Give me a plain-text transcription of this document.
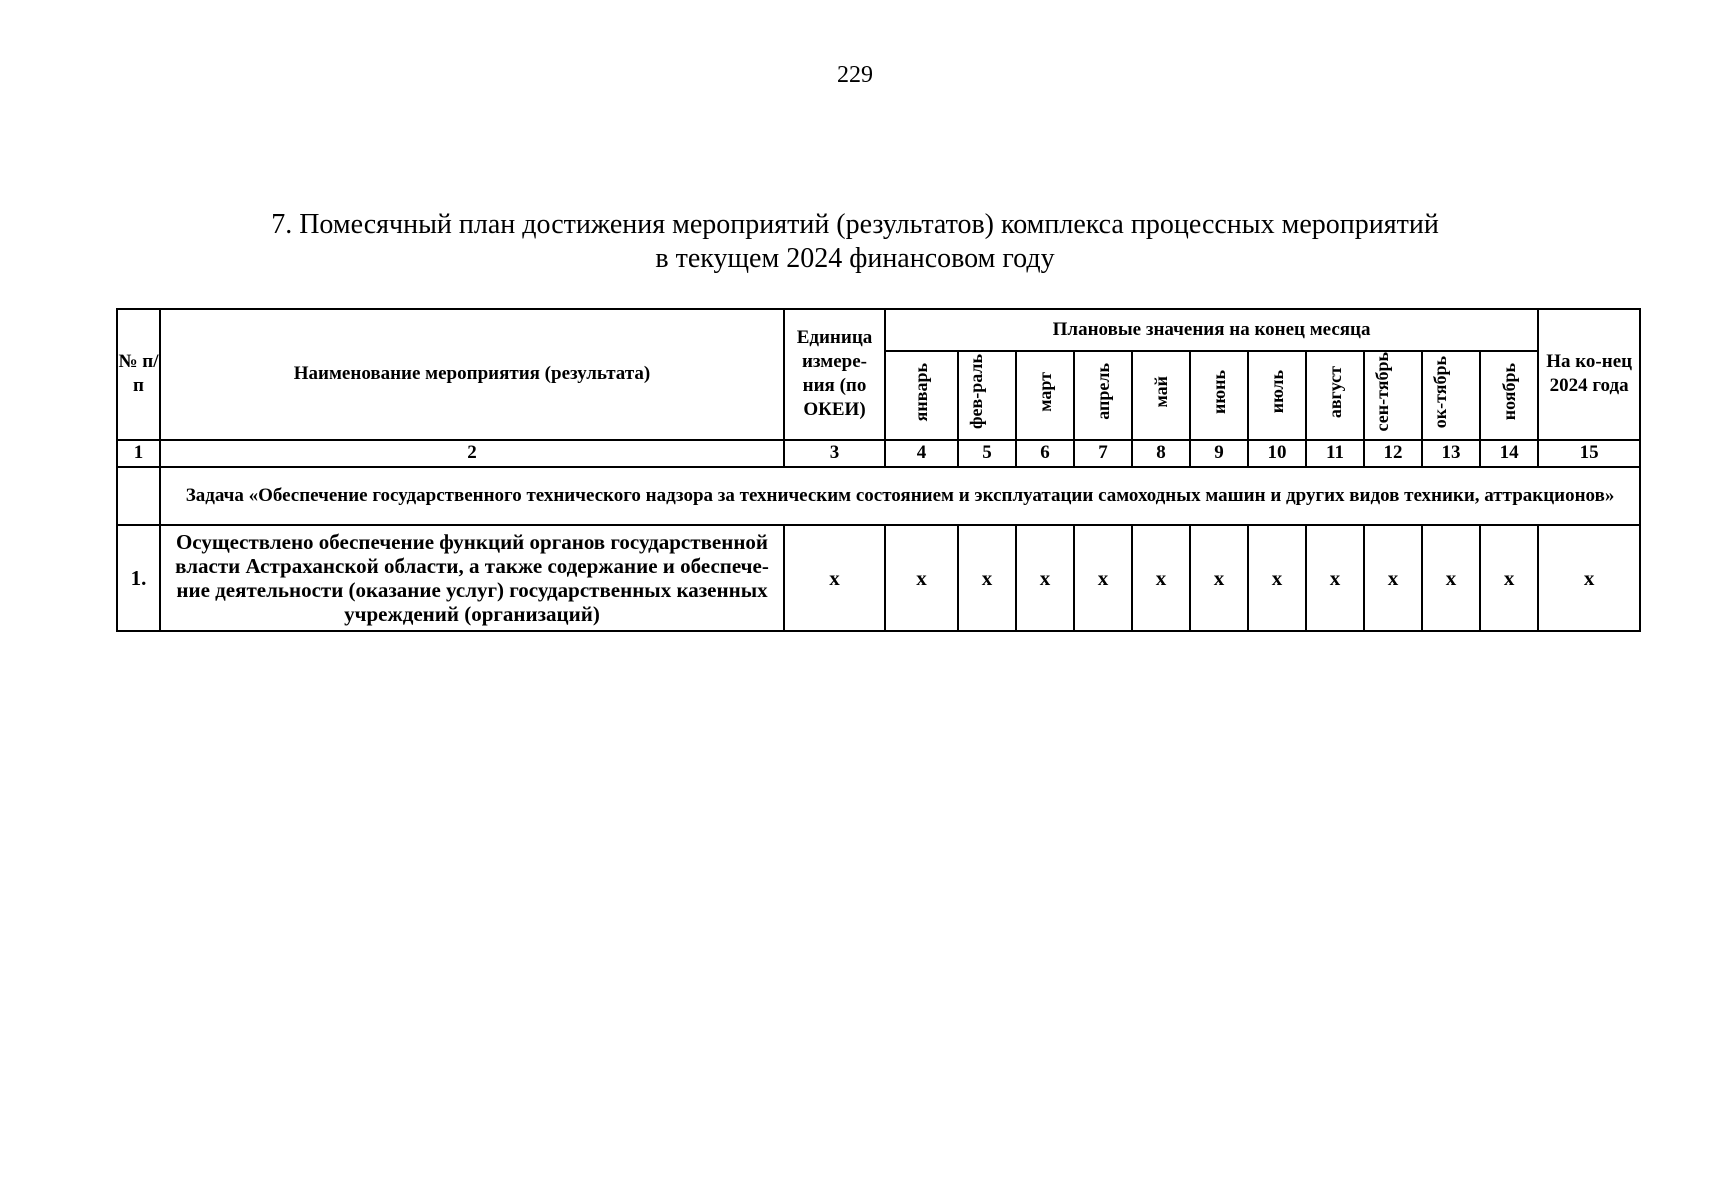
229
7. Помесячный план достижения мероприятий (результатов) комплекса процессных мероприятий
в текущем 2024 финансовом году
№ п/п	Наименование мероприятия (результата)	Единица измере-ния (по ОКЕИ)	Плановые значения на конец месяца											На ко-нец 2024 года
			январь	фев-раль	март	апрель	май	июнь	июль	август	сен-тябрь	ок-тябрь	ноябрь	
1	2	3	4	5	6	7	8	9	10	11	12	13	14	15
	Задача «Обеспечение государственного технического надзора за техническим состоянием и эксплуатации самоходных машин и других видов техники, аттракционов»													
1.	Осуществлено обеспечение функций органов государственной власти Астраханской области, а также содержание и обеспече-ние деятельности (оказание услуг) государственных казенных учреждений (организаций)	x	x	x	x	x	x	x	x	x	x	x	x	x
